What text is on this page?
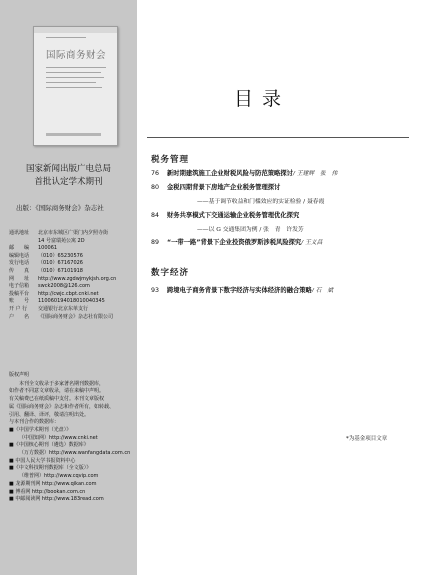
国际商务财会
国家新闻出版广电总局
首批认定学术期刊
出版：《国际商务财会》杂志社
通讯地址	北京市东城区广渠门内夕照寺街
14 号富瑞苑公寓 2D
邮　　编	100061
编辑电话	（010）65230576
发行电话	（010）67167026
传　　真	（010）67101918
网　　址	http://www.zgdwjmykjsh.org.cn
电子信箱	swck2008@126.com
投稿平台	http://cwjc.cbpt.cnki.net
账　　号	110060194018010040345
开 户 行	交通银行北京东单支行
户　　名	《国际商务财会》杂志社有限公司
版权声明
　　本刊全文收录于多家著名期刊数据库，
如作者不同意文章收录，请在来稿中声明。
有关稿费已在纸质稿中支付。本刊文章版权
属《国际商务财会》杂志和作者所有，如转载、
引用、翻译、译评，敬请注明出处。
与本刊合作的数据库：
■《中国学术期刊（光盘）》
（中国知网）http://www.cnki.net
■《中国核心期刊（遴选）数据库》
（万方数据）http://www.wanfangdata.com.cn
■ 中国人民大学书报资料中心
■《中文科技期刊数据库（全文版）》
（维普网）http://www.cqvip.com
■ 龙源期刊网 http://www.qikan.com
■ 博看网 http://bookan.com.cn
■ 中邮阅读网 http://www.183read.com
目录
税务管理
76 新时期建筑施工企业财税风险与防范策略探讨/ 王建辉　张　伟
80 金税四期背景下房地产企业税务管理探讨
——基于调节收益和门槛效应的实证检验 / 聂春霞
84 财务共享模式下交通运输企业税务管理优化探究
——以 G 交通集团为例 / 张　青　许发芳
89 “一带一路”背景下企业投资俄罗斯涉税风险探究/ 王义昌
数字经济
93 跨境电子商务背景下数字经济与实体经济的融合策略/ 石　斌
*为基金项目文章
